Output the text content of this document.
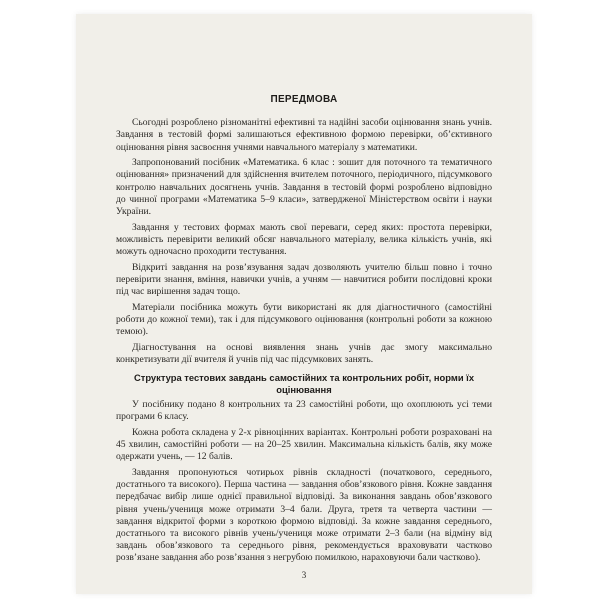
ПЕРЕДМОВА

Сьогодні розроблено різноманітні ефективні та надійні засоби оцінювання знань учнів. Завдання в тестовій формі залишаються ефективною формою перевірки, об’єктивного оцінювання рівня засвоєння учнями навчального матеріалу з математики.

Запропонований посібник «Математика. 6 клас : зошит для поточного та тематичного оцінювання» призначений для здійснення вчителем поточного, періодичного, підсумкового контролю навчальних досягнень учнів. Завдання в тестовій формі розроблено відповідно до чинної програми «Математика 5–9 класи», затвердженої Міністерством освіти і науки України.

Завдання у тестових формах мають свої переваги, серед яких: простота перевірки, можливість перевірити великий обсяг навчального матеріалу, велика кількість учнів, які можуть одночасно проходити тестування.

Відкриті завдання на розв’язування задач дозволяють учителю більш повно і точно перевірити знання, вміння, навички учнів, а учням — навчитися робити послідовні кроки під час вирішення задач тощо.

Матеріали посібника можуть бути використані як для діагностичного (самостійні роботи до кожної теми), так і для підсумкового оцінювання (контрольні роботи за кожною темою).

Діагностування на основі виявлення знань учнів дає змогу максимально конкретизувати дії вчителя й учнів під час підсумкових занять.

Структура тестових завдань самостійних та контрольних робіт, норми їх оцінювання

У посібнику подано 8 контрольних та 23 самостійні роботи, що охоплюють усі теми програми 6 класу.

Кожна робота складена у 2-х рівноцінних варіантах. Контрольні роботи розраховані на 45 хвилин, самостійні роботи — на 20–25 хвилин. Максимальна кількість балів, яку може одержати учень, — 12 балів.

Завдання пропонуються чотирьох рівнів складності (початкового, середнього, достатнього та високого). Перша частина — завдання обов’язкового рівня. Кожне завдання передбачає вибір лише однієї правильної відповіді. За виконання завдань обов’язкового рівня учень/учениця може отримати 3–4 бали. Друга, третя та четверта частини — завдання відкритої форми з короткою формою відповіді. За кожне завдання середнього, достатнього та високого рівнів учень/учениця може отримати 2–3 бали (на відміну від завдань обов’язкового та середнього рівня, рекомендується враховувати частково розв’язане завдання або розв’язання з негрубою помилкою, нараховуючи бали частково).

3
